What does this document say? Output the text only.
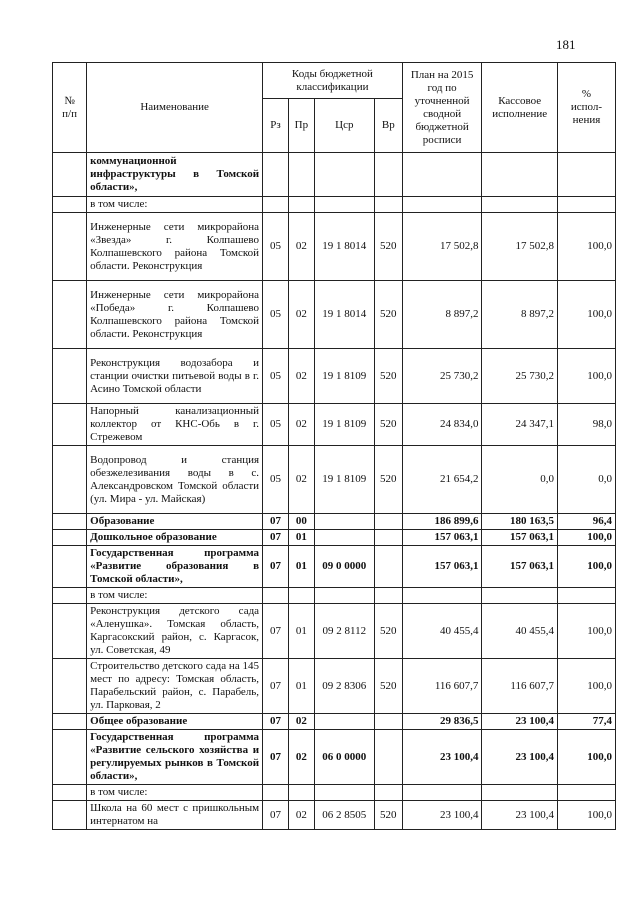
181
№
п/п	Наименование	Коды бюджетной классификации				План на 2015 год по уточненной сводной бюджетной росписи	Кассовое исполнение	%
испол-
нения
		Рз	Пр	Цср	Вр			
	коммунационной инфраструктуры в Томской области»,							
	в том числе:							
	Инженерные сети микрорайона «Звезда» г. Колпашево Колпашевского района Томской области. Реконструкция	05	02	19 1 8014	520	17 502,8	17 502,8	100,0
	Инженерные сети микрорайона «Победа» г. Колпашево Колпашевского района Томской области. Реконструкция	05	02	19 1 8014	520	8 897,2	8 897,2	100,0
	Реконструкция водозабора и станции очистки питьевой воды в г. Асино Томской области	05	02	19 1 8109	520	25 730,2	25 730,2	100,0
	Напорный канализационный коллектор от КНС-Обь в г. Стрежевом	05	02	19 1 8109	520	24 834,0	24 347,1	98,0
	Водопровод и станция обезжелезивания воды в с. Александровском Томской области (ул. Мира - ул. Майская)	05	02	19 1 8109	520	21 654,2	0,0	0,0
	Образование	07	00			186 899,6	180 163,5	96,4
	Дошкольное образование	07	01			157 063,1	157 063,1	100,0
	Государственная программа «Развитие образования в Томской области»,	07	01	09 0 0000		157 063,1	157 063,1	100,0
	в том числе:							
	Реконструкция детского сада «Аленушка». Томская область, Каргасокский район, с. Каргасок, ул. Советская, 49	07	01	09 2 8112	520	40 455,4	40 455,4	100,0
	Строительство детского сада на 145 мест по адресу: Томская область, Парабельский район, с. Парабель, ул. Парковая, 2	07	01	09 2 8306	520	116 607,7	116 607,7	100,0
	Общее образование	07	02			29 836,5	23 100,4	77,4
	Государственная программа «Развитие сельского хозяйства и регулируемых рынков в Томской области»,	07	02	06 0 0000		23 100,4	23 100,4	100,0
	в том числе:							
	Школа на 60 мест с пришкольным интернатом на	07	02	06 2 8505	520	23 100,4	23 100,4	100,0
